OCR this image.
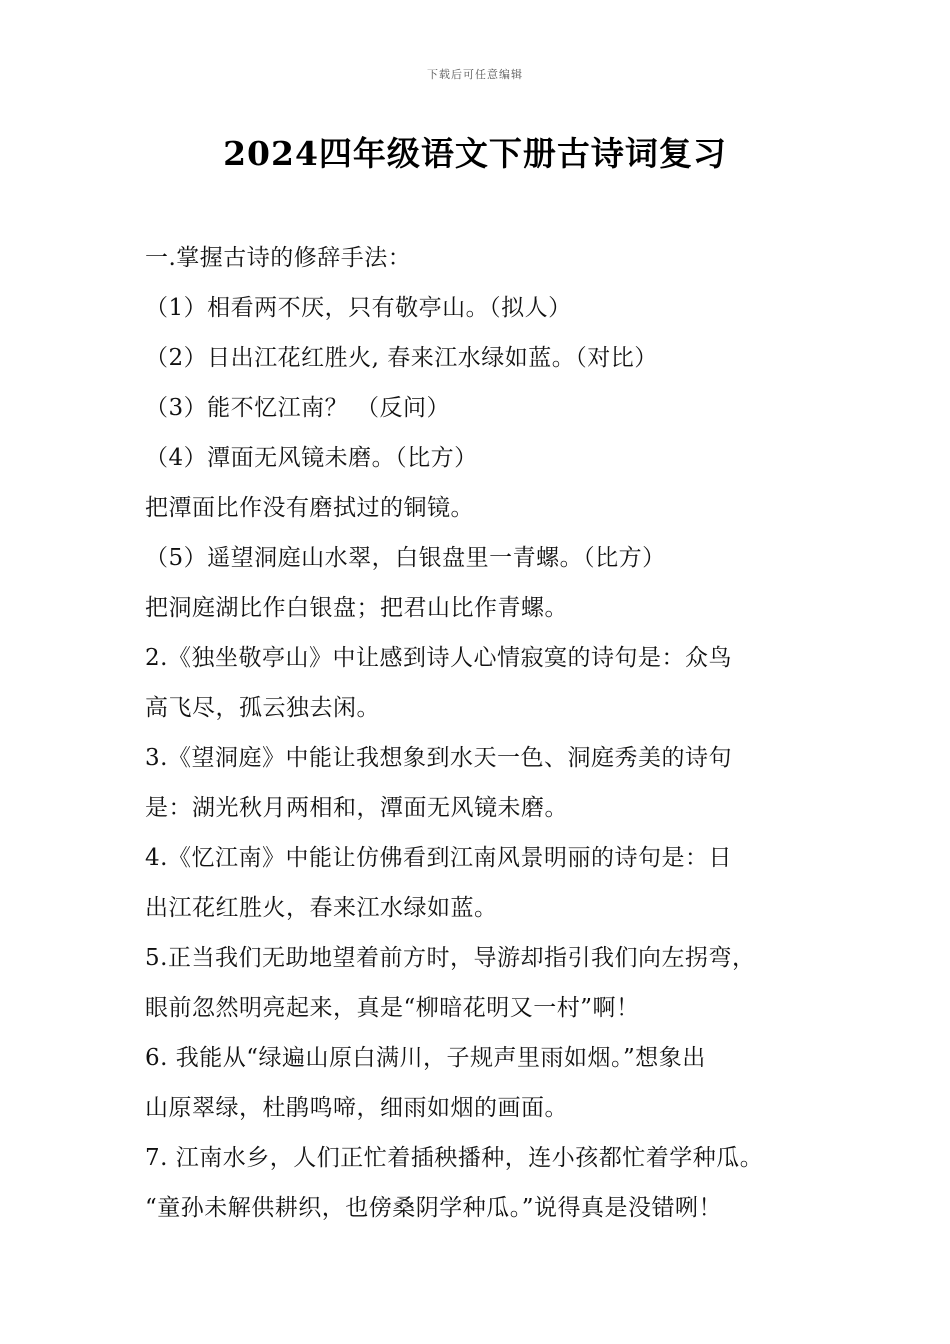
下载后可任意编辑
2024四年级语文下册古诗词复习
一.掌握古诗的修辞手法：
（1）相看两不厌，只有敬亭山。（拟人）
（2）日出江花红胜火, 春来江水绿如蓝。（对比）
（3）能不忆江南？ （反问）
（4）潭面无风镜未磨。（比方）
把潭面比作没有磨拭过的铜镜。
（5）遥望洞庭山水翠，白银盘里一青螺。（比方）
把洞庭湖比作白银盘；把君山比作青螺。
2.《独坐敬亭山》中让感到诗人心情寂寞的诗句是：众鸟
高飞尽，孤云独去闲。
3.《望洞庭》中能让我想象到水天一色、洞庭秀美的诗句
是：湖光秋月两相和，潭面无风镜未磨。
4.《忆江南》中能让仿佛看到江南风景明丽的诗句是：日
出江花红胜火，春来江水绿如蓝。
5.正当我们无助地望着前方时，导游却指引我们向左拐弯，
眼前忽然明亮起来，真是“柳暗花明又一村”啊！
6. 我能从“绿遍山原白满川，子规声里雨如烟。”想象出
山原翠绿，杜鹃鸣啼，细雨如烟的画面。
7. 江南水乡，人们正忙着插秧播种，连小孩都忙着学种瓜。
“童孙未解供耕织，也傍桑阴学种瓜。”说得真是没错咧！
